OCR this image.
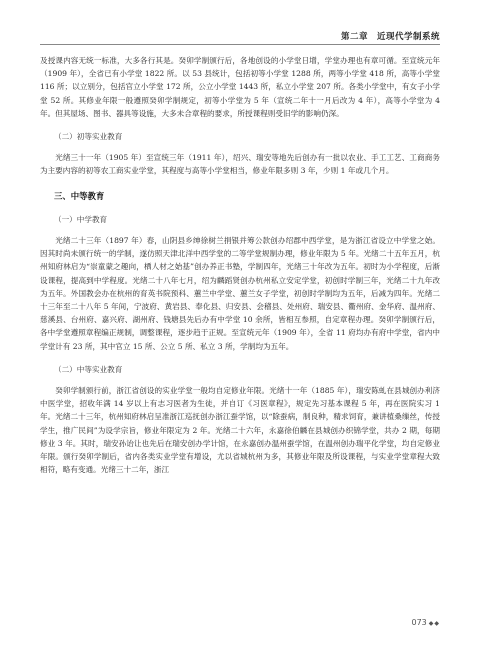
第二章　近现代学制系统

及授课内容无统一标准，大多各行其是。癸卯学制颁行后，各地创设的小学堂日增，学堂办理也有章可循。至宣统元年（1909 年），全省已有小学堂 1822 所。以 53 县统计，包括初等小学堂 1288 所，两等小学堂 418 所，高等小学堂 116 所；以立别分，包括官立小学堂 172 所，公立小学堂 1443 所，私立小学堂 207 所。各类小学堂中，有女子小学堂 52 所。其修业年限一般遵照癸卯学制规定，初等小学堂为 5 年（宣统二年十一月后改为 4 年），高等小学堂为 4 年。但其屋场、图书、器具等设施，大多未合章程的要求，所授课程则受旧学的影响仍深。

（二）初等实业教育

光绪三十一年（1905 年）至宣统三年（1911 年），绍兴、瑞安等地先后创办有一批以农业、手工工艺、工商商务为主要内容的初等农工商实业学堂，其程度与高等小学堂相当，修业年限多则 3 年，少则 1 年或几个月。

三、中等教育
（一）中学教育

光绪二十三年（1897 年）春，山阴县乡绅徐树兰捐银并筹公款创办绍郡中西学堂，是为浙江省设立中学堂之始。因其时尚未颁行统一的学制，遂仿照天津北洋中西学堂的二等学堂规制办理，修业年限为 5 年。光绪二十五年五月，杭州知府林启为“崇童蒙之趣向，栖人材之始基”创办养正书塾，学制四年，光绪三十年改为五年。初时为小学程度，后渐设课程，提高到中学程度。光绪二十八年七月，绍为麟蹈贤创办杭州私立安定学堂，初创时学制三年，光绪二十九年改为五年。外国教会办在杭州的育英书院预科、蕙兰中学堂、蕙兰女子学堂，初创时学制均为五年，后减为四年。光绪二十三年至二十八年 5 年间，宁波府、黄岩县、奉化县、归安县、会稽县、处州府、瑞安县、衢州府、金华府、温州府、慈溪县、台州府、嘉兴府、湖州府、钱塘县先后办有中学堂 10 余所，皆相互参照，自定章程办理。癸卯学制颁行后，各中学堂遵照章程编正规制，调整课程，逐步趋于正规。至宣统元年（1909 年），全省 11 府均办有府中学堂，省内中学堂计有 23 所，其中官立 15 所、公立 5 所、私立 3 所，学制均为五年。

（二）中等实业教育

癸卯学制颁行前，浙江省创设的实业学堂一般均自定修业年限。光绪十一年（1885 年），瑞安陈虬在县城创办利济中医学堂，招收年满 14 岁以上有志习医者为生徒，并自订《习医章程》，规定先习基本课程 5 年，再在医院实习 1 年。光绪二十三年，杭州知府林启呈准浙江巡抚创办浙江蚕学馆，以“除蚕病，制良种，精求饲育，兼讲植桑缫丝，传授学生，推广民间”为设学宗旨，修业年限定为 2 年。光绪二十六年，永嘉徐伯麟在县城创办织锦学堂，共办 2 期，每期修业 3 年。其时，瑞安孙诒让也先后在瑞安创办学计馆，在永嘉创办温州蚕学馆，在温州创办瑞平化学堂，均自定修业年限。颁行癸卯学制后，省内各类实业学堂有增设，尤以省城杭州为多，其修业年限及所设课程，与实业学堂章程大致相符，略有变通。光绪三十二年，浙江

073 ◆◆
